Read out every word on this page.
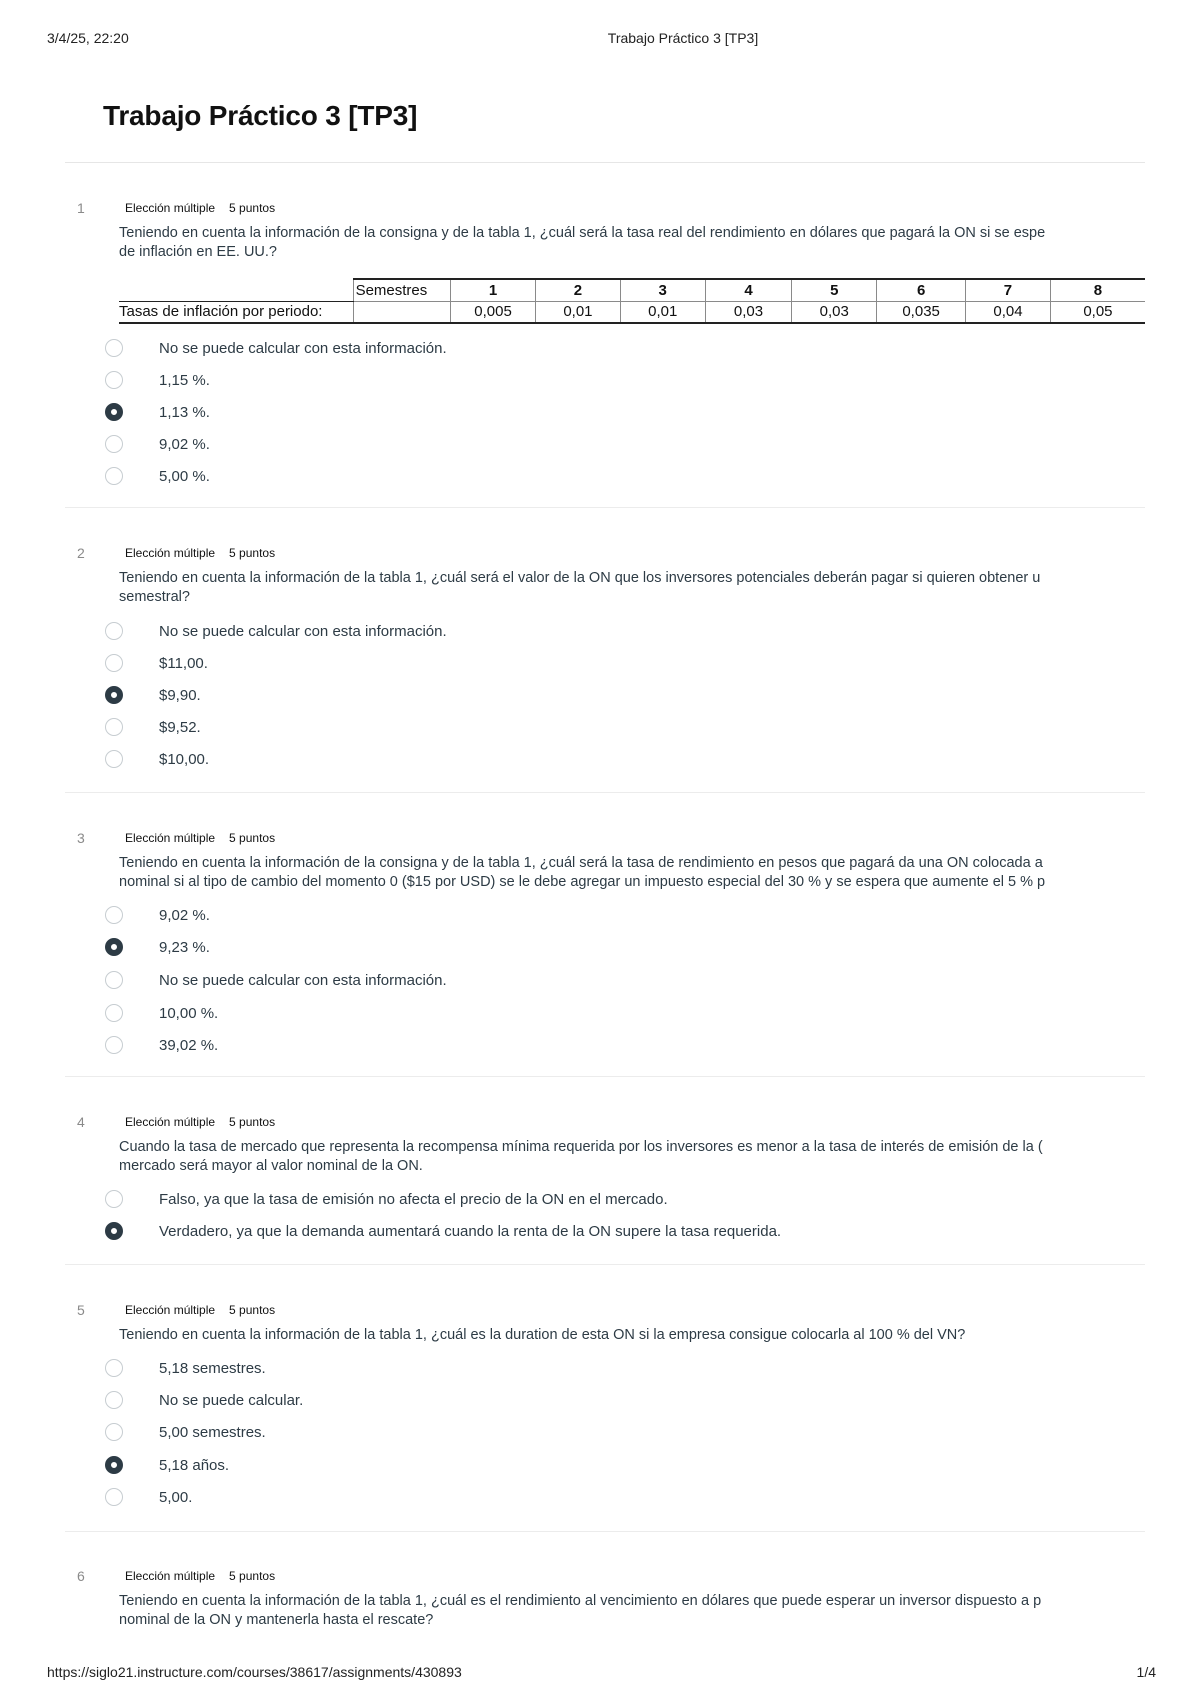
3/4/25, 22:20	Trabajo Práctico 3 [TP3]
Trabajo Práctico 3 [TP3]
1	Elección múltiple 5 puntos
Teniendo en cuenta la información de la consigna y de la tabla 1, ¿cuál será la tasa real del rendimiento en dólares que pagará la ON si se espe
de inflación en EE. UU.?
	Semestres	1	2	3	4	5	6	7	8
Tasas de inflación por periodo:		0,005	0,01	0,01	0,03	0,03	0,035	0,04	0,05
No se puede calcular con esta información.
1,15 %.
1,13 %.
9,02 %.
5,00 %.
2	Elección múltiple 5 puntos
Teniendo en cuenta la información de la tabla 1, ¿cuál será el valor de la ON que los inversores potenciales deberán pagar si quieren obtener u
semestral?
No se puede calcular con esta información.
$11,00.
$9,90.
$9,52.
$10,00.
3	Elección múltiple 5 puntos
Teniendo en cuenta la información de la consigna y de la tabla 1, ¿cuál será la tasa de rendimiento en pesos que pagará da una ON colocada a
nominal si al tipo de cambio del momento 0 ($15 por USD) se le debe agregar un impuesto especial del 30 % y se espera que aumente el 5 % p
9,02 %.
9,23 %.
No se puede calcular con esta información.
10,00 %.
39,02 %.
4	Elección múltiple 5 puntos
Cuando la tasa de mercado que representa la recompensa mínima requerida por los inversores es menor a la tasa de interés de emisión de la (
mercado será mayor al valor nominal de la ON.
Falso, ya que la tasa de emisión no afecta el precio de la ON en el mercado.
Verdadero, ya que la demanda aumentará cuando la renta de la ON supere la tasa requerida.
5	Elección múltiple 5 puntos
Teniendo en cuenta la información de la tabla 1, ¿cuál es la duration de esta ON si la empresa consigue colocarla al 100 % del VN?
5,18 semestres.
No se puede calcular.
5,00 semestres.
5,18 años.
5,00.
6	Elección múltiple 5 puntos
Teniendo en cuenta la información de la tabla 1, ¿cuál es el rendimiento al vencimiento en dólares que puede esperar un inversor dispuesto a p
nominal de la ON y mantenerla hasta el rescate?
https://siglo21.instructure.com/courses/38617/assignments/430893	1/4
